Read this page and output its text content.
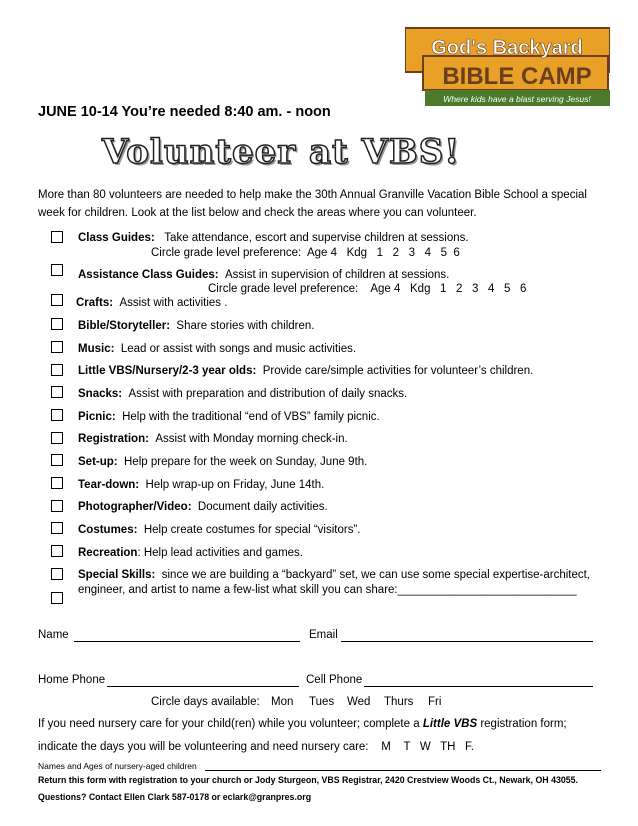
God's Backyard
BIBLE CAMP
Where kids have a blast serving Jesus!
JUNE 10-14 You’re needed 8:40 am. - noon
Volunteer at VBS!
More than 80 volunteers are needed to help make the 30th Annual Granville Vacation Bible School a special
week for children. Look at the list below and check the areas where you can volunteer.
Class Guides: Take attendance, escort and supervise children at sessions.
Circle grade level preference:  Age 4   Kdg   1   2   3   4   5  6
Assistance Class Guides: Assist in supervision of children at sessions.
Circle grade level preference:    Age 4   Kdg   1   2   3   4   5   6
Crafts: Assist with activities .
Bible/Storyteller: Share stories with children.
Music: Lead or assist with songs and music activities.
Little VBS/Nursery/2-3 year olds: Provide care/simple activities for volunteer’s children.
Snacks: Assist with preparation and distribution of daily snacks.
Picnic: Help with the traditional “end of VBS” family picnic.
Registration: Assist with Monday morning check-in.
Set-up: Help prepare for the week on Sunday, June 9th.
Tear-down: Help wrap-up on Friday, June 14th.
Photographer/Video: Document daily activities.
Costumes: Help create costumes for special “visitors”.
Recreation: Help lead activities and games.
Special Skills: since we are building a “backyard” set, we can use some special expertise-architect,
engineer, and artist to name a few-list what skill you can share:____________________________
Name	Email
Home Phone	Cell Phone
Circle days available: Mon Tues Wed Thurs Fri
If you need nursery care for your child(ren) while you volunteer; complete a Little VBS registration form;
indicate the days you will be volunteering and need nursery care:    M    T   W   TH   F.
Names and Ages of nursery-aged children
Return this form with registration to your church or Jody Sturgeon, VBS Registrar, 2420 Crestview Woods Ct., Newark, OH 43055.
Questions? Contact Ellen Clark 587-0178 or eclark@granpres.org
